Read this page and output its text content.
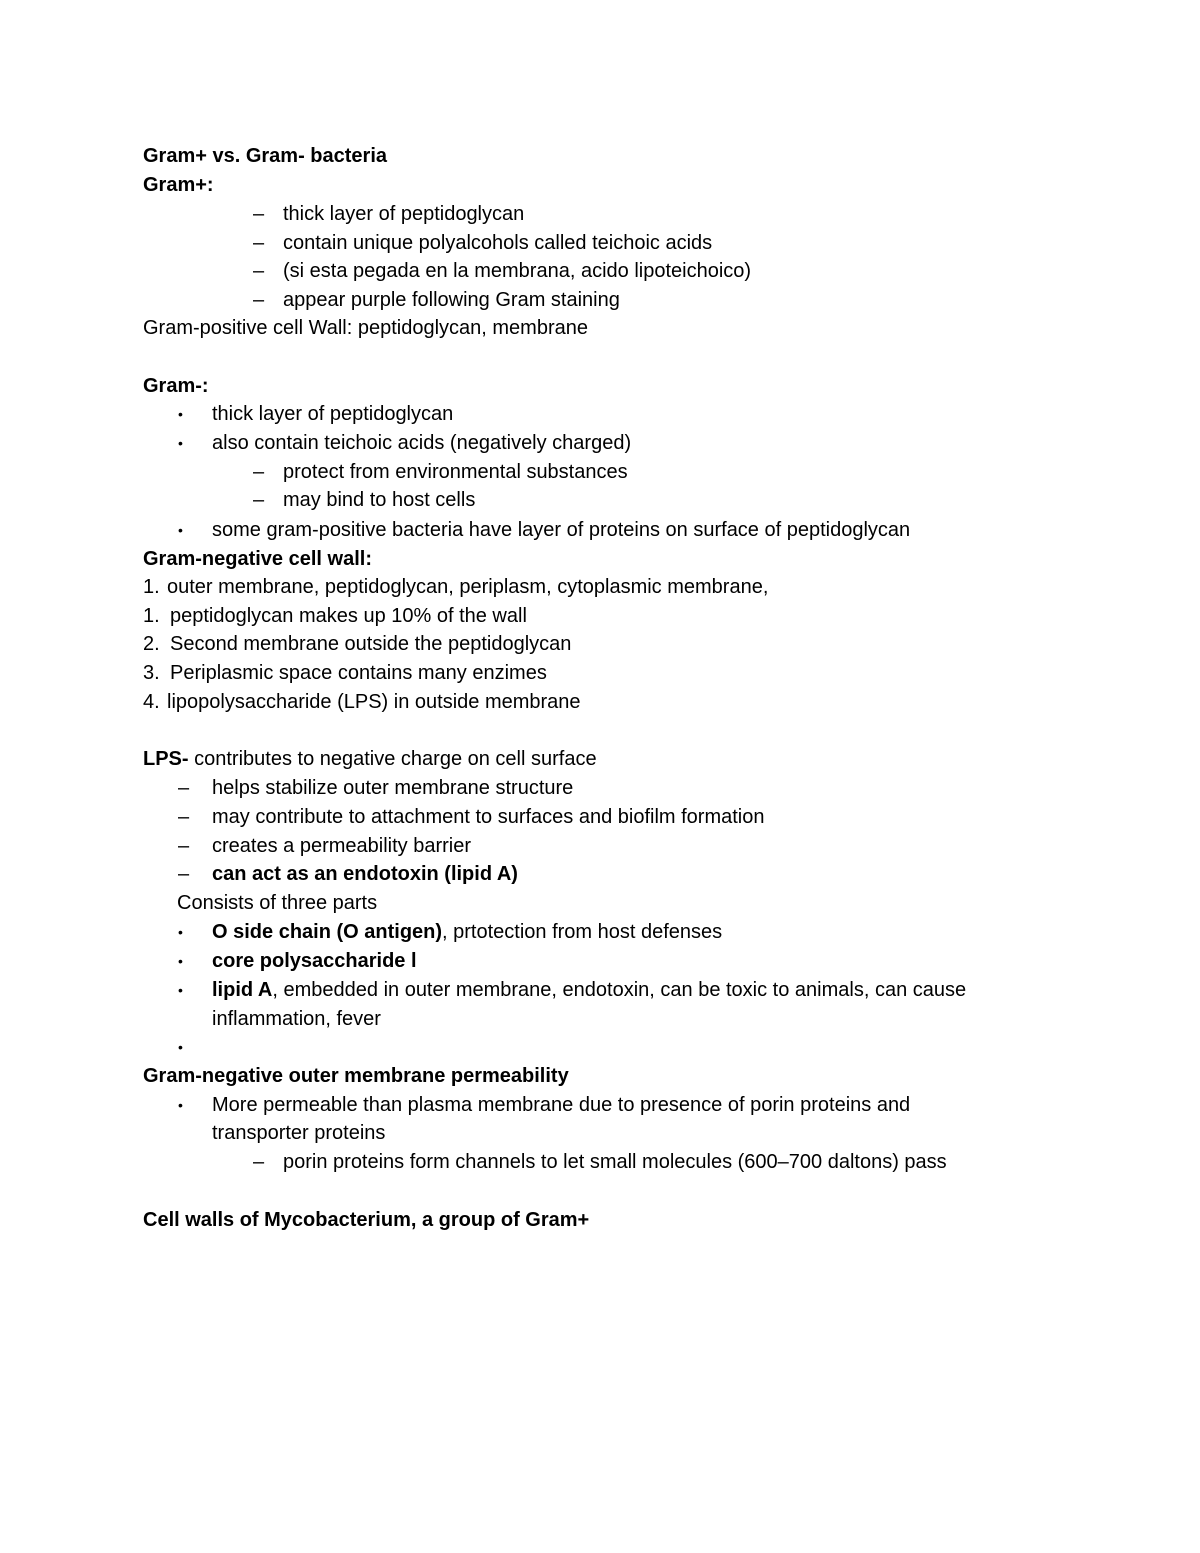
Gram+ vs. Gram- bacteria
Gram+:
– thick layer of peptidoglycan
– contain unique polyalcohols called teichoic acids
– (si esta pegada en la membrana, acido lipoteichoico)
– appear purple following Gram staining
Gram-positive cell Wall: peptidoglycan, membrane
Gram-:
• thick layer of peptidoglycan
• also contain teichoic acids (negatively charged)
– protect from environmental substances
– may bind to host cells
• some gram-positive bacteria have layer of proteins on surface of peptidoglycan
Gram-negative cell wall:
1. outer membrane, peptidoglycan, periplasm, cytoplasmic membrane,
1. peptidoglycan makes up 10% of the wall
2. Second membrane outside the peptidoglycan
3. Periplasmic space contains many enzimes
4. lipopolysaccharide (LPS) in outside membrane
LPS- contributes to negative charge on cell surface
– helps stabilize outer membrane structure
– may contribute to attachment to surfaces and biofilm formation
– creates a permeability barrier
– can act as an endotoxin (lipid A)
Consists of three parts
• O side chain (O antigen), prtotection from host defenses
• core polysaccharide l
• lipid A, embedded in outer membrane, endotoxin, can be toxic to animals, can cause
inflammation, fever
•
Gram-negative outer membrane permeability
• More permeable than plasma membrane due to presence of porin proteins and
transporter proteins
– porin proteins form channels to let small molecules (600–700 daltons) pass
Cell walls of Mycobacterium, a group of Gram+
